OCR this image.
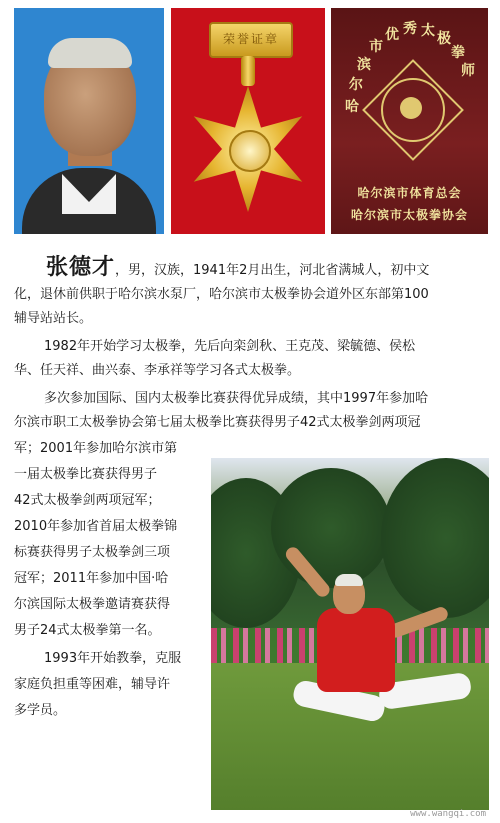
荣誉证章
哈
尔
滨
市
优 秀 太 极
拳
师
哈尔滨市体育总会
哈尔滨市太极拳协会
张德才，男，汉族，1941年2月出生，河北省满城人，初中文
化，退休前供职于哈尔滨水泵厂，哈尔滨市太极拳协会道外区东部第100
辅导站站长。
1982年开始学习太极拳，先后向栾剑秋、王克茂、梁毓德、侯松
华、任天祥、曲兴泰、李承祥等学习各式太极拳。
多次参加国际、国内太极拳比赛获得优异成绩，其中1997年参加哈
尔滨市职工太极拳协会第七届太极拳比赛获得男子42式太极拳剑两项冠
军；2001年参加哈尔滨市第
一届太极拳比赛获得男子
42式太极拳剑两项冠军；
2010年参加省首届太极拳锦
标赛获得男子太极拳剑三项
冠军；2011年参加中国·哈
尔滨国际太极拳邀请赛获得
男子24式太极拳第一名。
1993年开始教拳，克服
家庭负担重等困难，辅导许
多学员。
www.wangqi.com
